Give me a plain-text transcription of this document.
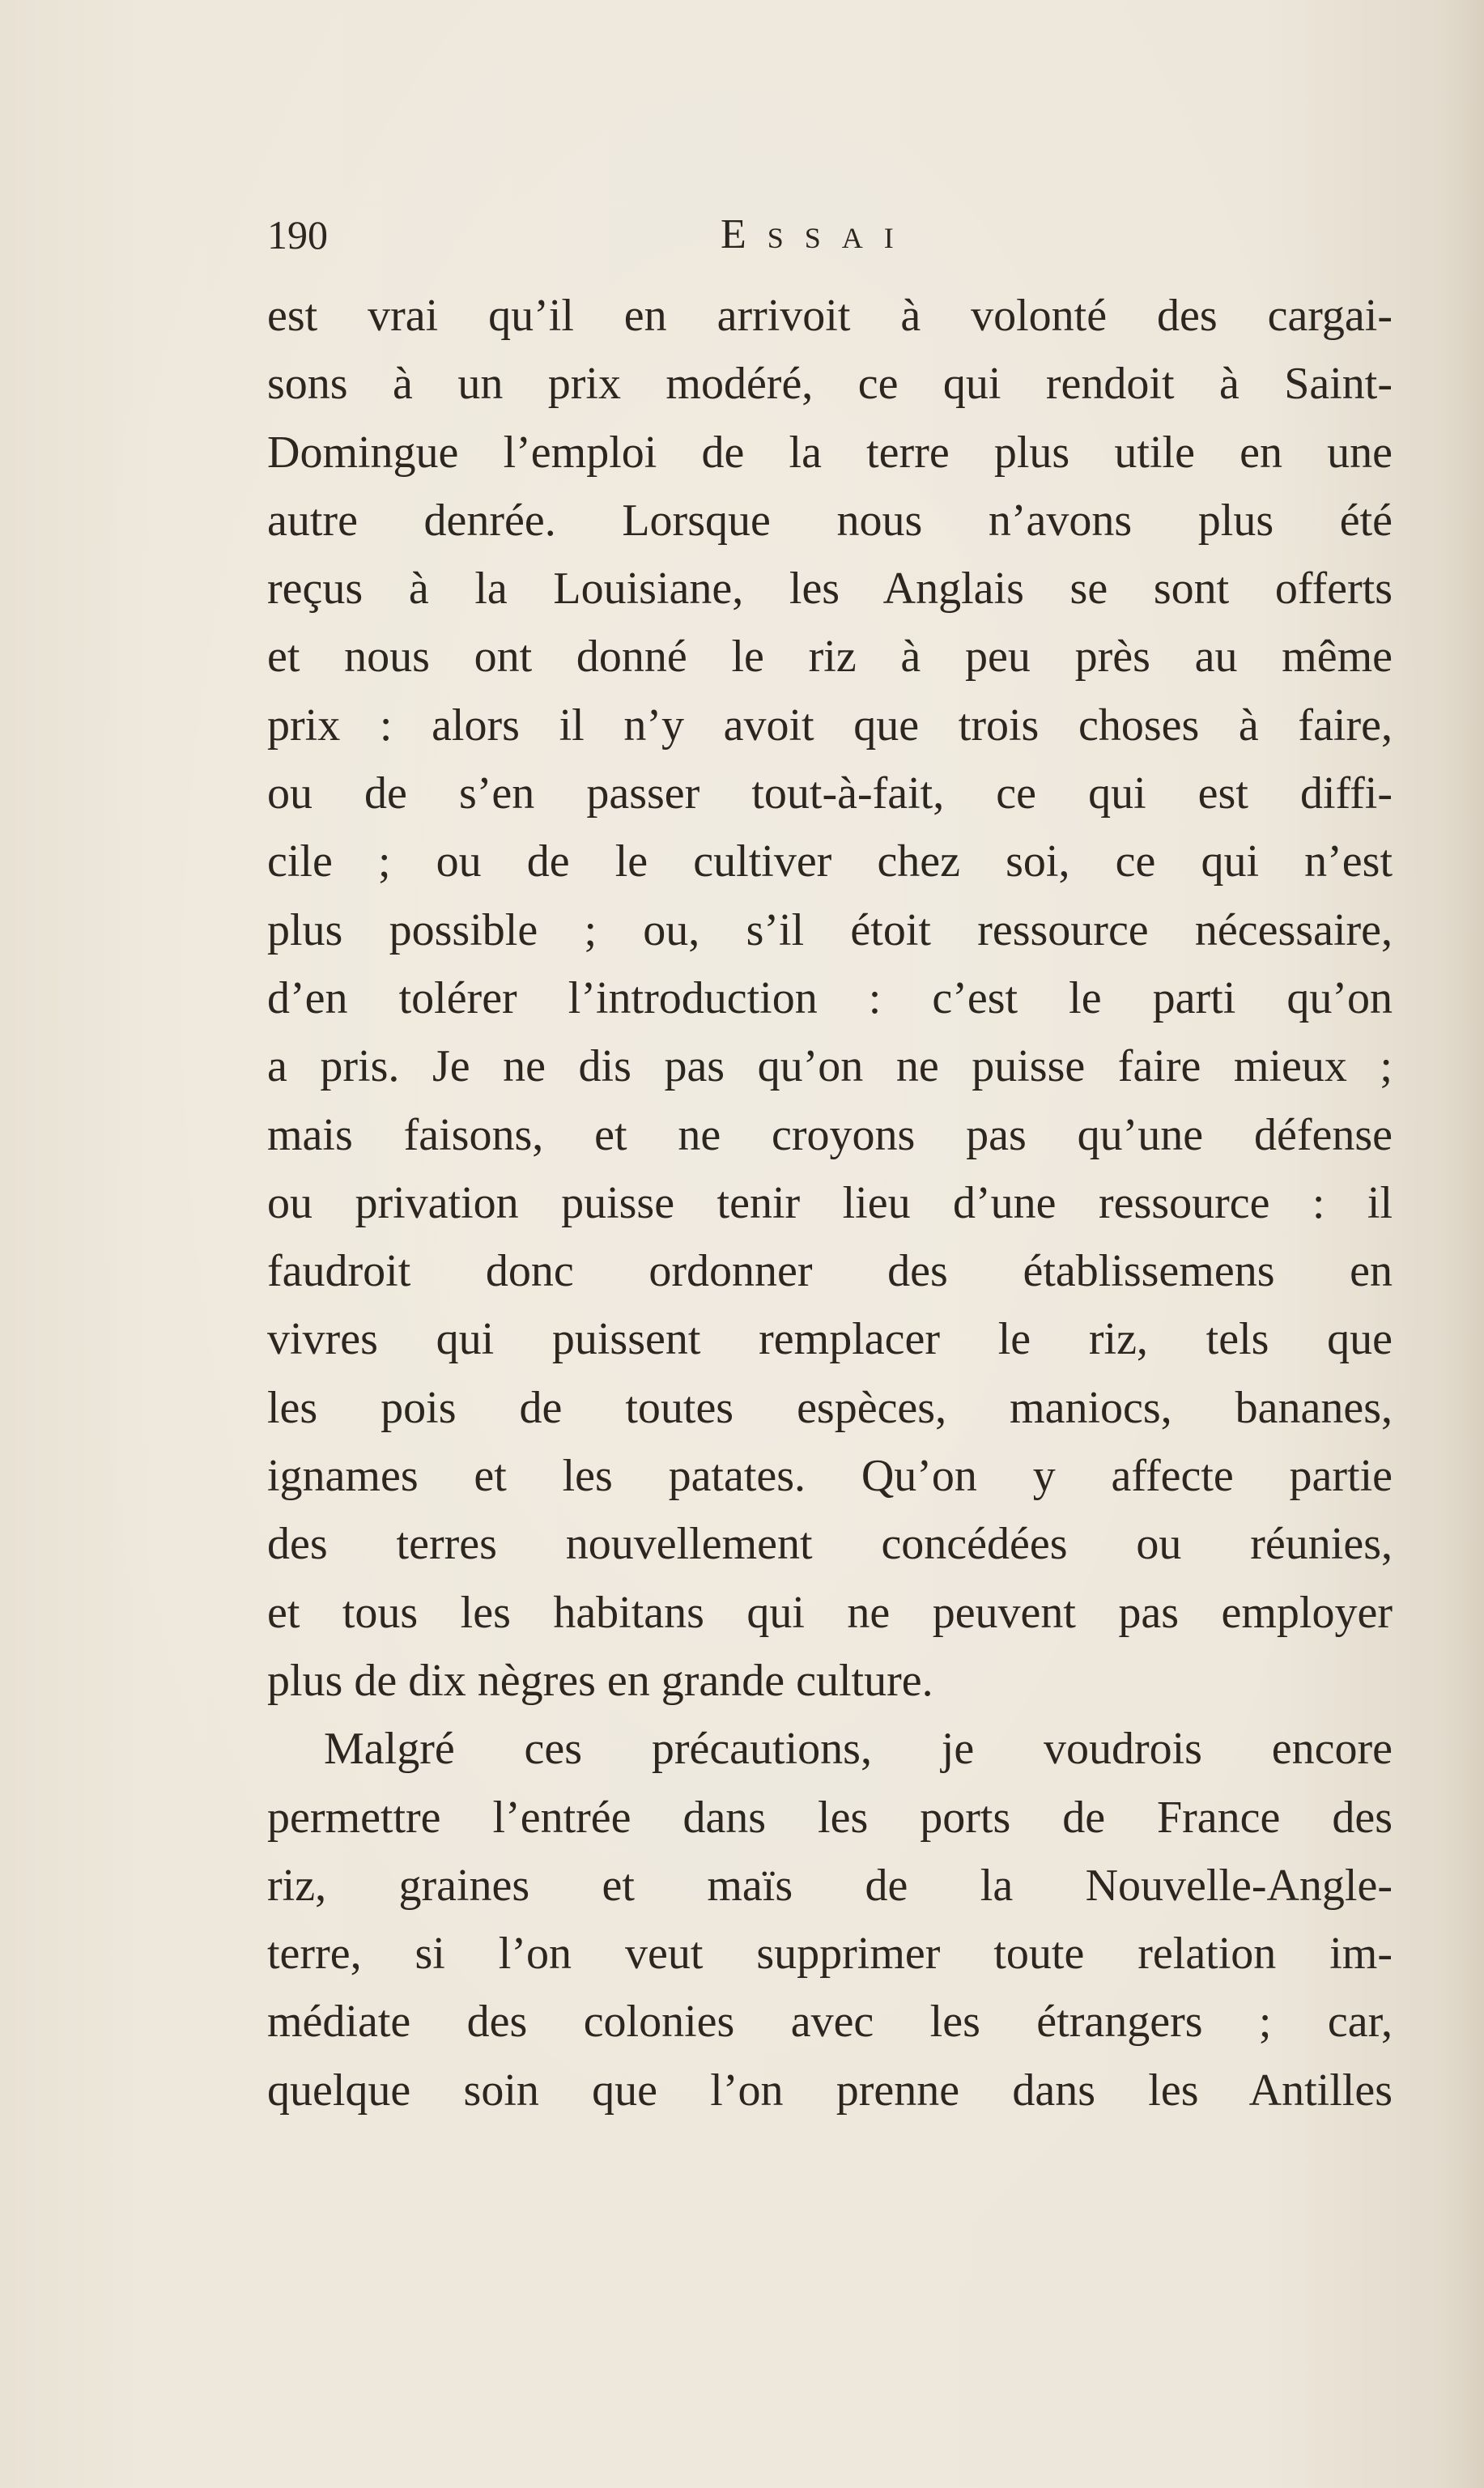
190	Essai
est vrai qu’il en arrivoit à volonté des cargai-
sons à un prix modéré, ce qui rendoit à Saint-
Domingue l’emploi de la terre plus utile en une
autre denrée. Lorsque nous n’avons plus été
reçus à la Louisiane, les Anglais se sont offerts
et nous ont donné le riz à peu près au même
prix : alors il n’y avoit que trois choses à faire,
ou de s’en passer tout-à-fait, ce qui est diffi-
cile ; ou de le cultiver chez soi, ce qui n’est
plus possible ; ou, s’il étoit ressource nécessaire,
d’en tolérer l’introduction : c’est le parti qu’on
a pris. Je ne dis pas qu’on ne puisse faire mieux ;
mais faisons, et ne croyons pas qu’une défense
ou privation puisse tenir lieu d’une ressource : il
faudroit donc ordonner des établissemens en
vivres qui puissent remplacer le riz, tels que
les pois de toutes espèces, maniocs, bananes,
ignames et les patates. Qu’on y affecte partie
des terres nouvellement concédées ou réunies,
et tous les habitans qui ne peuvent pas employer
plus de dix nègres en grande culture.
Malgré ces précautions, je voudrois encore
permettre l’entrée dans les ports de France des
riz, graines et maïs de la Nouvelle-Angle-
terre, si l’on veut supprimer toute relation im-
médiate des colonies avec les étrangers ; car,
quelque soin que l’on prenne dans les Antilles
